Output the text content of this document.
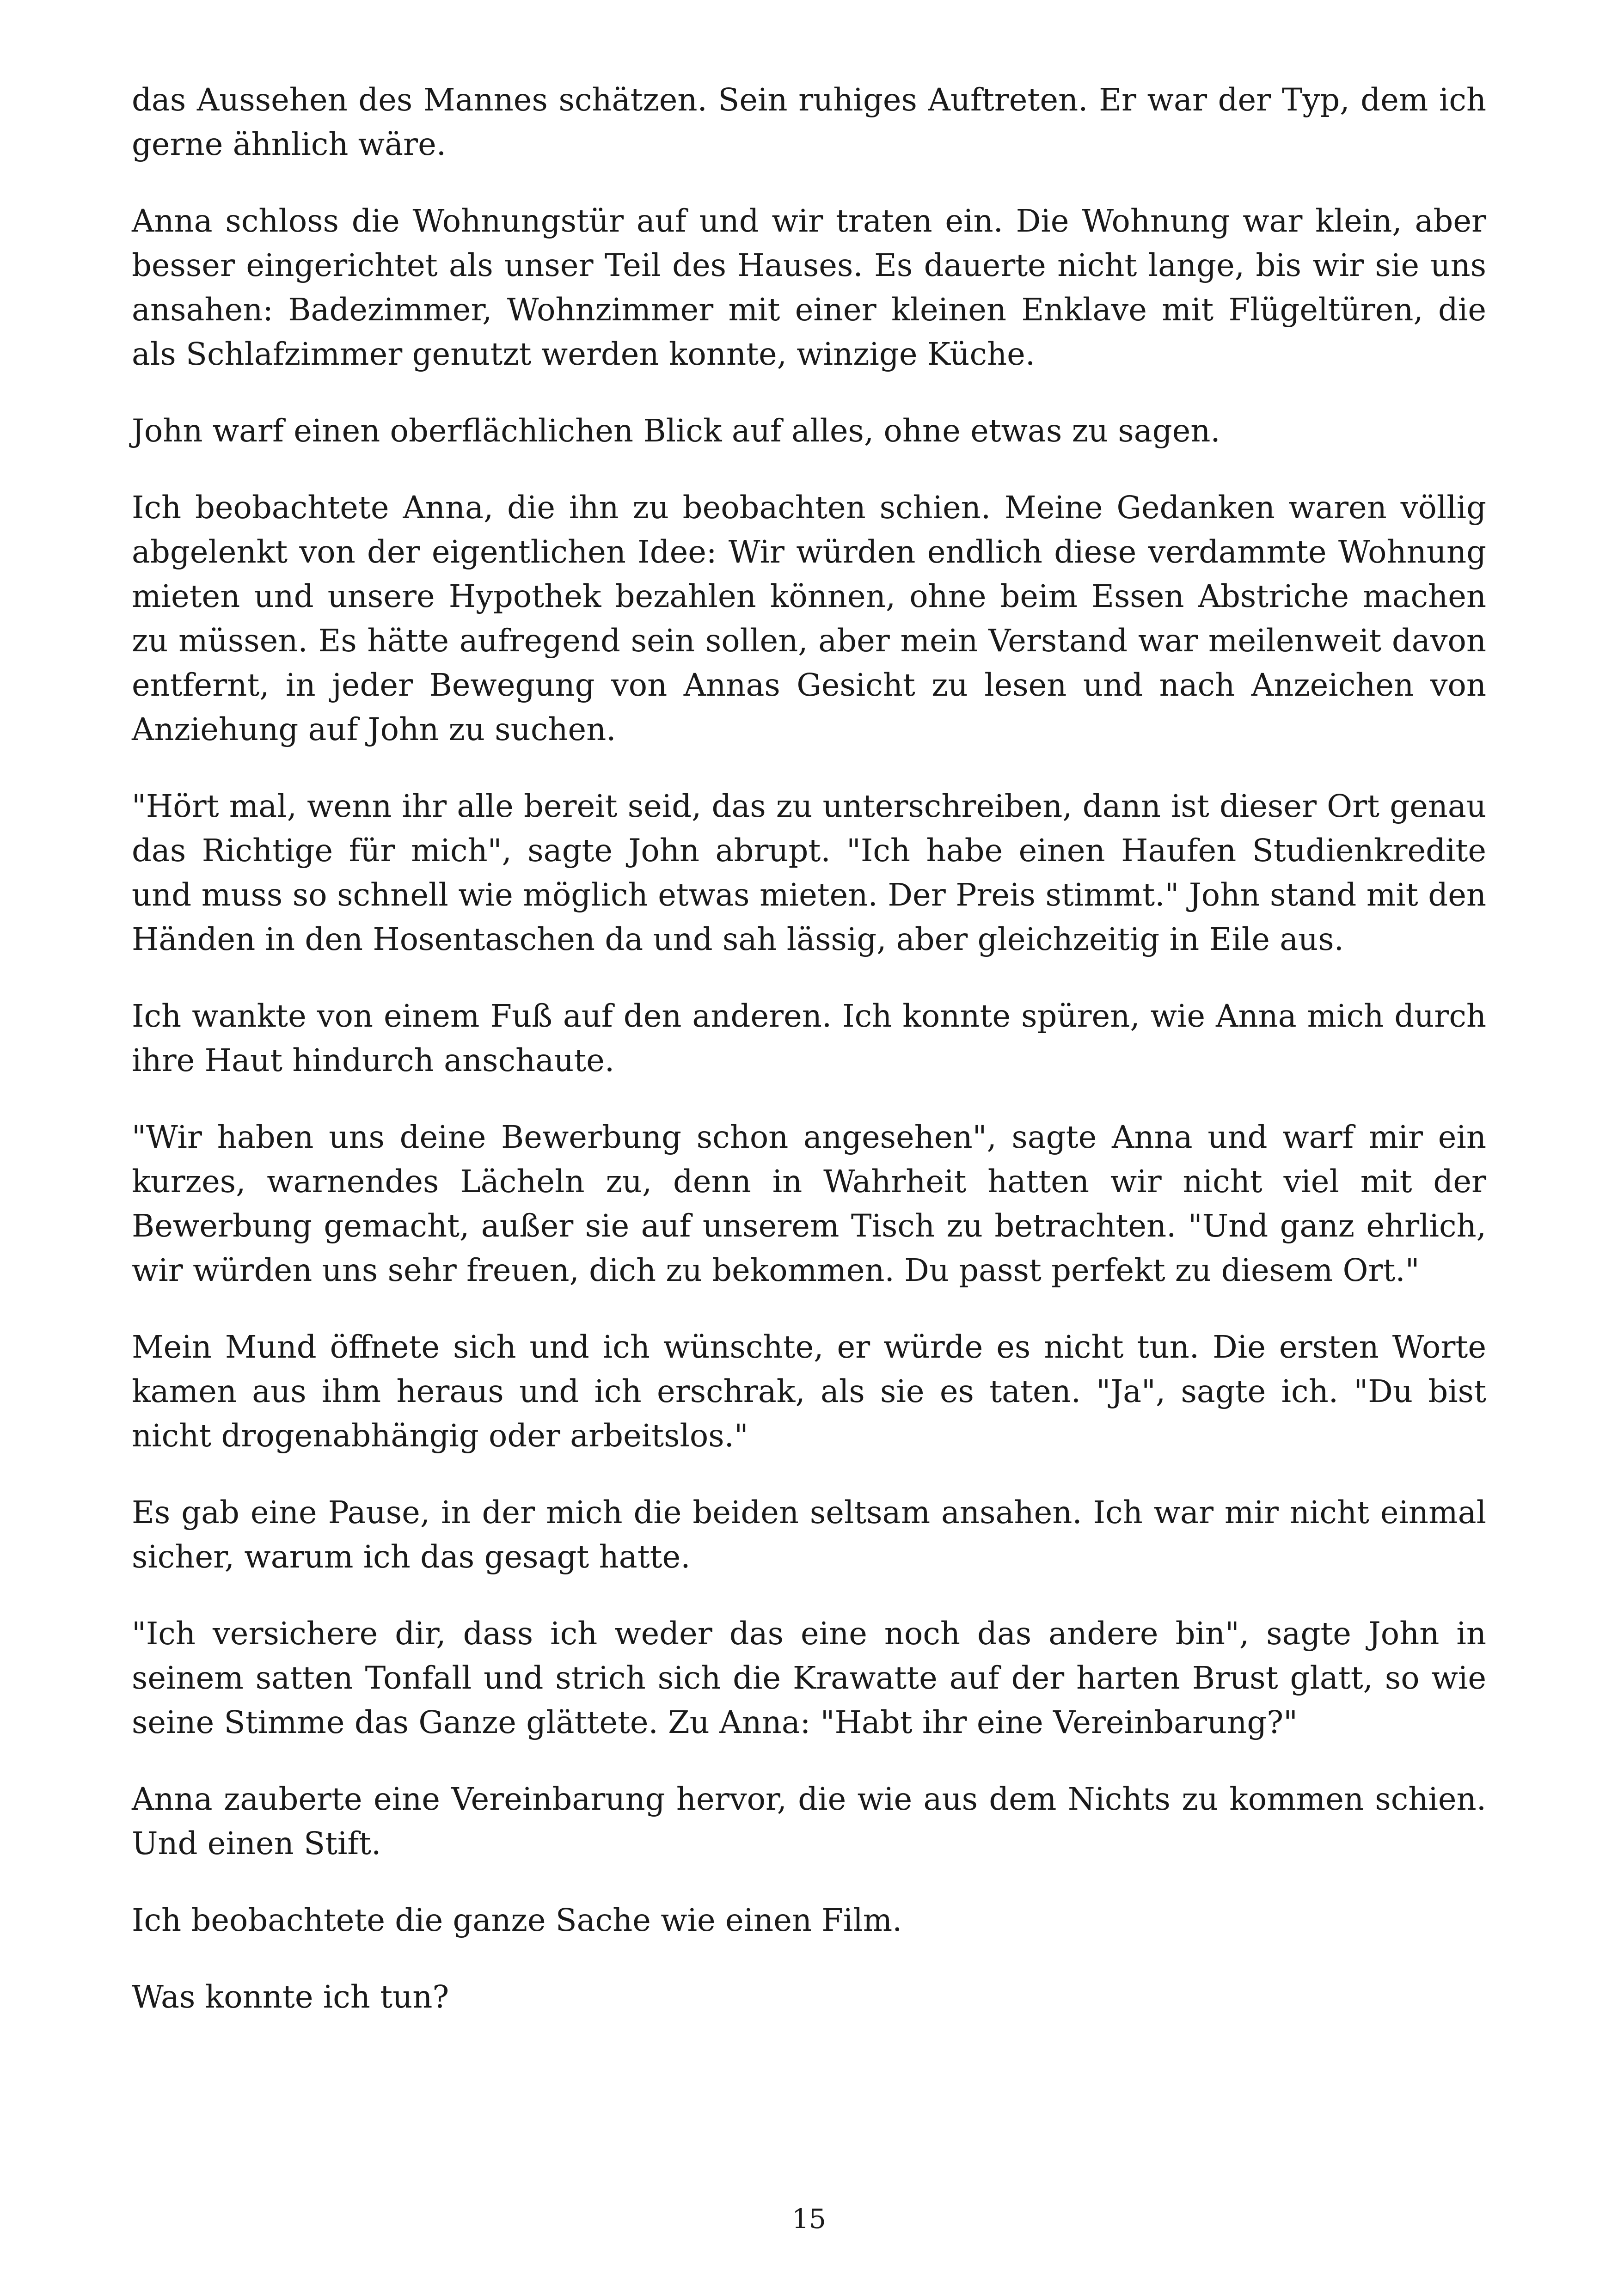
das Aussehen des Mannes schätzen. Sein ruhiges Auftreten. Er war der Typ, dem ich gerne ähnlich wäre.

Anna schloss die Wohnungstür auf und wir traten ein. Die Wohnung war klein, aber besser eingerichtet als unser Teil des Hauses. Es dauerte nicht lange, bis wir sie uns ansahen: Badezimmer, Wohnzimmer mit einer kleinen Enklave mit Flügeltüren, die als Schlafzimmer genutzt werden konnte, winzige Küche.

John warf einen oberflächlichen Blick auf alles, ohne etwas zu sagen.

Ich beobachtete Anna, die ihn zu beobachten schien. Meine Gedanken waren völlig abgelenkt von der eigentlichen Idee: Wir würden endlich diese verdammte Wohnung mieten und unsere Hypothek bezahlen können, ohne beim Essen Abstriche machen zu müssen. Es hätte aufregend sein sollen, aber mein Verstand war meilenweit davon entfernt, in jeder Bewegung von Annas Gesicht zu lesen und nach Anzeichen von Anziehung auf John zu suchen.

"Hört mal, wenn ihr alle bereit seid, das zu unterschreiben, dann ist dieser Ort genau das Richtige für mich", sagte John abrupt. "Ich habe einen Haufen Studienkredite und muss so schnell wie möglich etwas mieten. Der Preis stimmt." John stand mit den Händen in den Hosentaschen da und sah lässig, aber gleichzeitig in Eile aus.

Ich wankte von einem Fuß auf den anderen. Ich konnte spüren, wie Anna mich durch ihre Haut hindurch anschaute.

"Wir haben uns deine Bewerbung schon angesehen", sagte Anna und warf mir ein kurzes, warnendes Lächeln zu, denn in Wahrheit hatten wir nicht viel mit der Bewerbung gemacht, außer sie auf unserem Tisch zu betrachten. "Und ganz ehrlich, wir würden uns sehr freuen, dich zu bekommen. Du passt perfekt zu diesem Ort."

Mein Mund öffnete sich und ich wünschte, er würde es nicht tun. Die ersten Worte kamen aus ihm heraus und ich erschrak, als sie es taten. "Ja", sagte ich. "Du bist nicht drogenabhängig oder arbeitslos."

Es gab eine Pause, in der mich die beiden seltsam ansahen. Ich war mir nicht einmal sicher, warum ich das gesagt hatte.

"Ich versichere dir, dass ich weder das eine noch das andere bin", sagte John in seinem satten Tonfall und strich sich die Krawatte auf der harten Brust glatt, so wie seine Stimme das Ganze glättete. Zu Anna: "Habt ihr eine Vereinbarung?"

Anna zauberte eine Vereinbarung hervor, die wie aus dem Nichts zu kommen schien. Und einen Stift.

Ich beobachtete die ganze Sache wie einen Film.

Was konnte ich tun?

15
